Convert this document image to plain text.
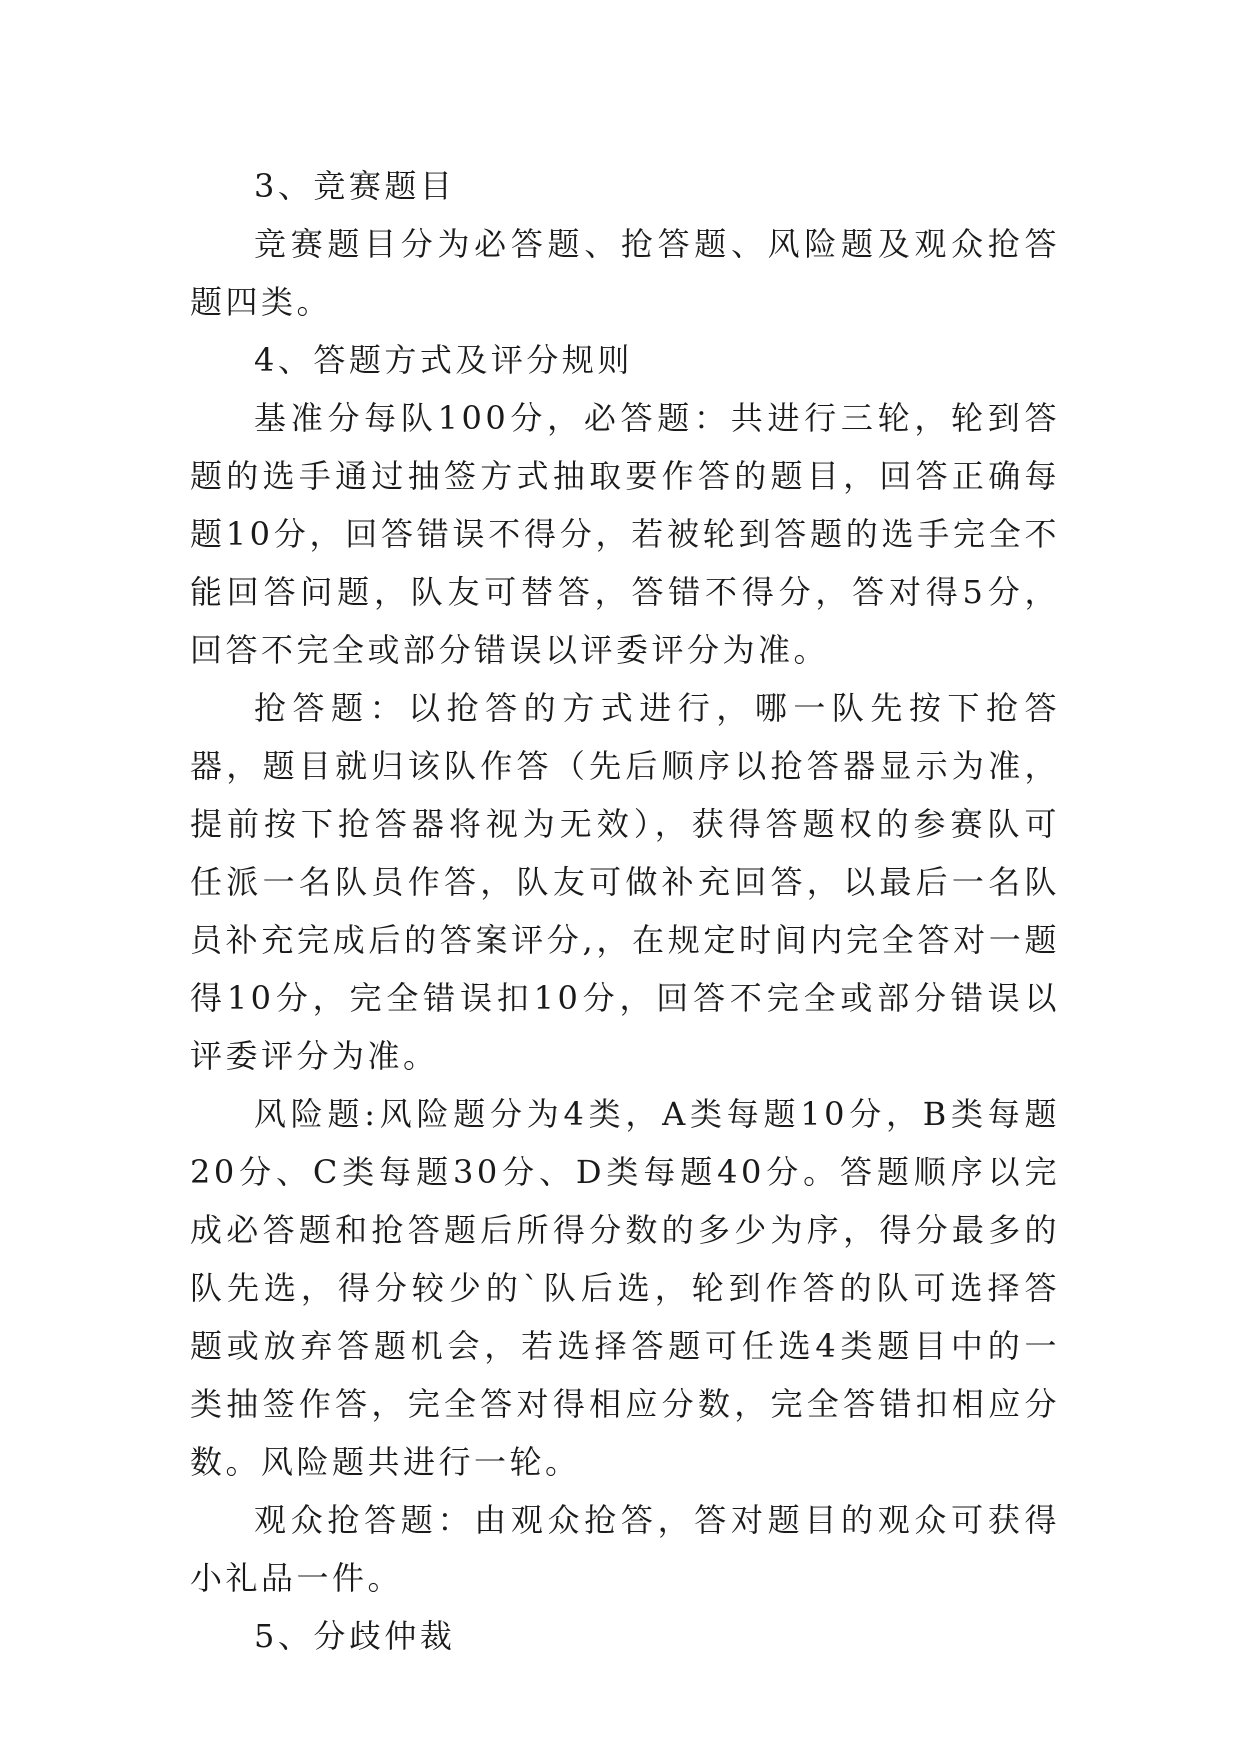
3、竞赛题目

竞赛题目分为必答题、抢答题、风险题及观众抢答题四类。

4、答题方式及评分规则

基准分每队100分，必答题：共进行三轮，轮到答题的选手通过抽签方式抽取要作答的题目，回答正确每题10分，回答错误不得分，若被轮到答题的选手完全不能回答问题，队友可替答，答错不得分，答对得5分，回答不完全或部分错误以评委评分为准。

抢答题：以抢答的方式进行，哪一队先按下抢答器，题目就归该队作答（先后顺序以抢答器显示为准，提前按下抢答器将视为无效），获得答题权的参赛队可任派一名队员作答，队友可做补充回答，以最后一名队员补充完成后的答案评分,，在规定时间内完全答对一题得10分，完全错误扣10分，回答不完全或部分错误以评委评分为准。

风险题:风险题分为4类，A类每题10分，B类每题20分、C类每题30分、D类每题40分。答题顺序以完成必答题和抢答题后所得分数的多少为序，得分最多的队先选，得分较少的`队后选，轮到作答的队可选择答题或放弃答题机会，若选择答题可任选4类题目中的一类抽签作答，完全答对得相应分数，完全答错扣相应分数。风险题共进行一轮。

观众抢答题：由观众抢答，答对题目的观众可获得小礼品一件。

5、分歧仲裁
